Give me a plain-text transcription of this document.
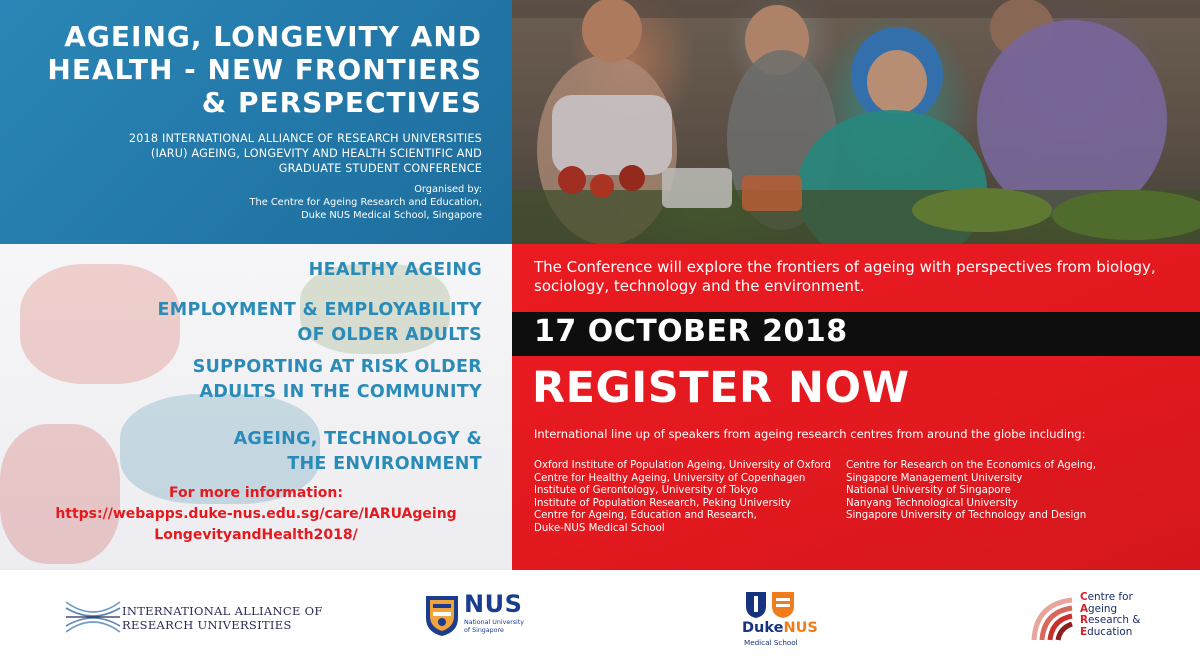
AGEING, LONGEVITY AND
HEALTH - NEW FRONTIERS
& PERSPECTIVES
2018 INTERNATIONAL ALLIANCE OF RESEARCH UNIVERSITIES
(IARU) AGEING, LONGEVITY AND HEALTH SCIENTIFIC AND
GRADUATE STUDENT CONFERENCE
Organised by:
The Centre for Ageing Research and Education,
Duke NUS Medical School, Singapore
HEALTHY AGEING
EMPLOYMENT & EMPLOYABILITY
OF OLDER ADULTS
SUPPORTING AT RISK OLDER
ADULTS IN THE COMMUNITY
AGEING, TECHNOLOGY &
THE ENVIRONMENT
For more information:
https://webapps.duke-nus.edu.sg/care/IARUAgeing
LongevityandHealth2018/
The Conference will explore the frontiers of ageing with perspectives from biology,
sociology, technology and the environment.
17 OCTOBER 2018
REGISTER NOW
International line up of speakers from ageing research centres from around the globe including:
Oxford Institute of Population Ageing, University of Oxford
Centre for Healthy Ageing, University of Copenhagen
Institute of Gerontology, University of Tokyo
Institute of Population Research, Peking University
Centre for Ageing, Education and Research,
Duke-NUS Medical School
Centre for Research on the Economics of Ageing,
Singapore Management University
National University of Singapore
Nanyang Technological University
Singapore University of Technology and Design
INTERNATIONAL ALLIANCE OF
RESEARCH UNIVERSITIES
NUS
National University
of Singapore	DukeNUS
Medical School
Centre for
Ageing
Research &
Education
